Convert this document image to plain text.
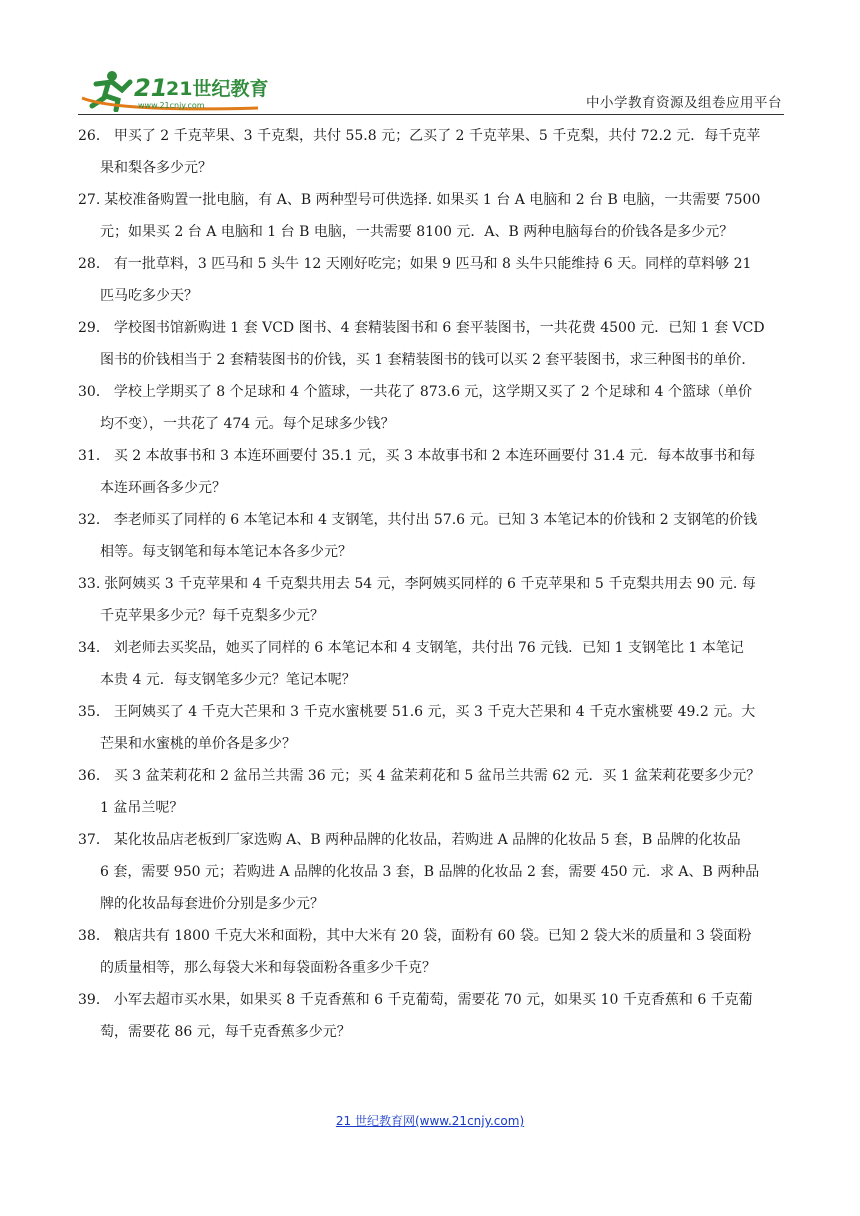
21
21世纪教育
www.21cnjy.com	中小学教育资源及组卷应用平台

26． 甲买了 2 千克苹果、3 千克梨，共付 55.8 元；乙买了 2 千克苹果、5 千克梨，共付 72.2 元．每千克苹
果和梨各多少元？

27. 某校准备购置一批电脑，有 A、B 两种型号可供选择. 如果买 1 台 A 电脑和 2 台 B 电脑，一共需要 7500
元；如果买 2 台 A 电脑和 1 台 B 电脑，一共需要 8100 元．A、B 两种电脑每台的价钱各是多少元？

28． 有一批草料，3 匹马和 5 头牛 12 天刚好吃完；如果 9 匹马和 8 头牛只能维持 6 天。同样的草料够 21
匹马吃多少天？

29． 学校图书馆新购进 1 套 VCD 图书、4 套精装图书和 6 套平装图书，一共花费 4500 元．已知 1 套 VCD
图书的价钱相当于 2 套精装图书的价钱，买 1 套精装图书的钱可以买 2 套平装图书，求三种图书的单价．

30． 学校上学期买了 8 个足球和 4 个篮球，一共花了 873.6 元，这学期又买了 2 个足球和 4 个篮球（单价
均不变），一共花了 474 元。每个足球多少钱？

31． 买 2 本故事书和 3 本连环画要付 35.1 元，买 3 本故事书和 2 本连环画要付 31.4 元．每本故事书和每
本连环画各多少元？

32． 李老师买了同样的 6 本笔记本和 4 支钢笔，共付出 57.6 元。已知 3 本笔记本的价钱和 2 支钢笔的价钱
相等。每支钢笔和每本笔记本各多少元？

33. 张阿姨买 3 千克苹果和 4 千克梨共用去 54 元，李阿姨买同样的 6 千克苹果和 5 千克梨共用去 90 元. 每
千克苹果多少元？每千克梨多少元？

34． 刘老师去买奖品，她买了同样的 6 本笔记本和 4 支钢笔，共付出 76 元钱．已知 1 支钢笔比 1 本笔记
本贵 4 元．每支钢笔多少元？笔记本呢？

35． 王阿姨买了 4 千克大芒果和 3 千克水蜜桃要 51.6 元，买 3 千克大芒果和 4 千克水蜜桃要 49.2 元。大
芒果和水蜜桃的单价各是多少？

36． 买 3 盆茉莉花和 2 盆吊兰共需 36 元；买 4 盆茉莉花和 5 盆吊兰共需 62 元．买 1 盆茉莉花要多少元？
1 盆吊兰呢？

37． 某化妆品店老板到厂家选购 A、B 两种品牌的化妆品，若购进 A 品牌的化妆品 5 套，B 品牌的化妆品
6 套，需要 950 元；若购进 A 品牌的化妆品 3 套，B 品牌的化妆品 2 套，需要 450 元．求 A、B 两种品
牌的化妆品每套进价分别是多少元？

38． 粮店共有 1800 千克大米和面粉，其中大米有 20 袋，面粉有 60 袋。已知 2 袋大米的质量和 3 袋面粉
的质量相等，那么每袋大米和每袋面粉各重多少千克？

39． 小军去超市买水果，如果买 8 千克香蕉和 6 千克葡萄，需要花 70 元，如果买 10 千克香蕉和 6 千克葡
萄，需要花 86 元，每千克香蕉多少元？

21 世纪教育网(www.21cnjy.com)
